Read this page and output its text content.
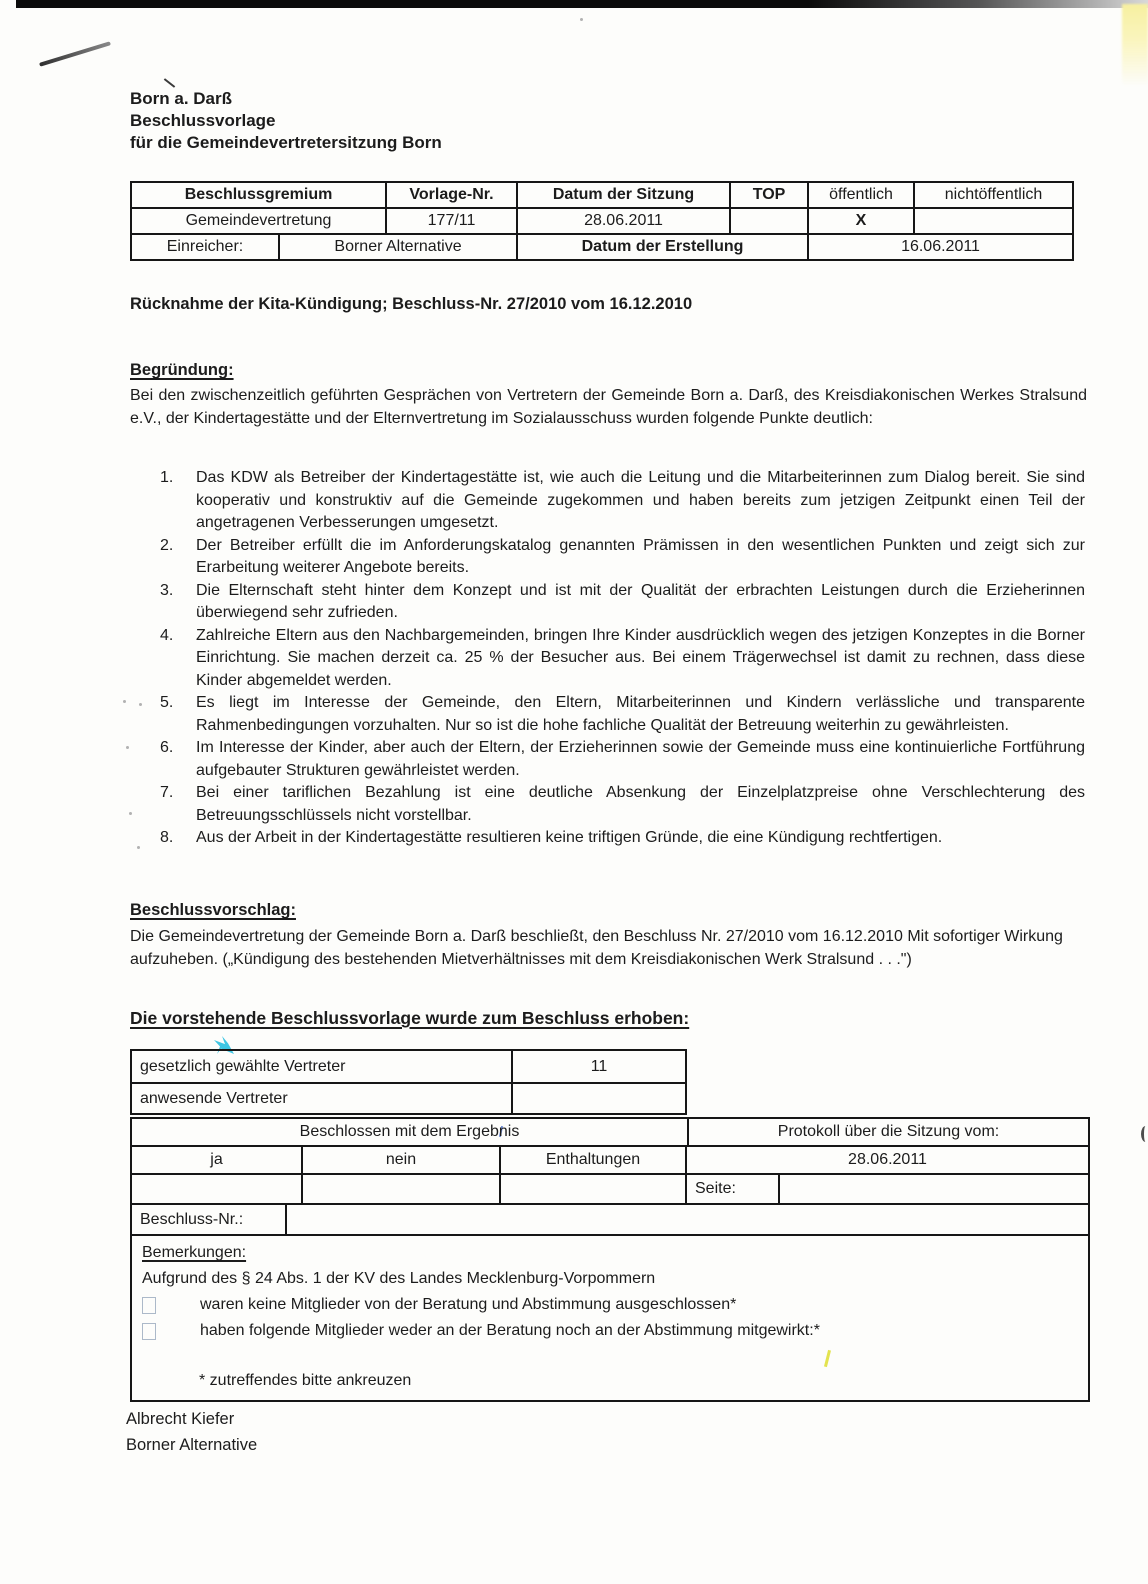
Born a. Darß
Beschlussvorlage
für die Gemeindevertretersitzung Born
Beschlussgremium		Vorlage-Nr.	Datum der Sitzung	TOP	öffentlich	nichtöffentlich
Gemeindevertretung		177/11	28.06.2011		X	
Einreicher:	Borner Alternative		Datum der Erstellung		16.06.2011	
Rücknahme der Kita-Kündigung; Beschluss-Nr. 27/2010 vom 16.12.2010
Begründung:
Bei den zwischenzeitlich geführten Gesprächen von Vertretern der Gemeinde Born a. Darß, des Kreisdiakonischen Werkes Stralsund e.V., der Kindertagestätte und der Elternvertretung im Sozialausschuss wurden folgende Punkte deutlich:
1.	Das KDW als Betreiber der Kindertagestätte ist, wie auch die Leitung und die Mitarbeiterinnen zum Dialog bereit. Sie sind kooperativ und konstruktiv auf die Gemeinde zugekommen und haben bereits zum jetzigen Zeitpunkt einen Teil der angetragenen Verbesserungen umgesetzt.
2.	Der Betreiber erfüllt die im Anforderungskatalog genannten Prämissen in den wesentlichen Punkten und zeigt sich zur Erarbeitung weiterer Angebote bereits.
3.	Die Elternschaft steht hinter dem Konzept und ist mit der Qualität der erbrachten Leistungen durch die Erzieherinnen überwiegend sehr zufrieden.
4.	Zahlreiche Eltern aus den Nachbargemeinden, bringen Ihre Kinder ausdrücklich wegen des jetzigen Konzeptes in die Borner Einrichtung. Sie machen derzeit ca. 25 % der Besucher aus. Bei einem Trägerwechsel ist damit zu rechnen, dass diese Kinder abgemeldet werden.
5.	Es liegt im Interesse der Gemeinde, den Eltern, Mitarbeiterinnen und Kindern verlässliche und transparente Rahmenbedingungen vorzuhalten. Nur so ist die hohe fachliche Qualität der Betreuung weiterhin zu gewährleisten.
6.	Im Interesse der Kinder, aber auch der Eltern, der Erzieherinnen sowie der Gemeinde muss eine kontinuierliche Fortführung aufgebauter Strukturen gewährleistet werden.
7.	Bei einer tariflichen Bezahlung ist eine deutliche Absenkung der Einzelplatzpreise ohne Verschlechterung des Betreuungsschlüssels nicht vorstellbar.
8.	Aus der Arbeit in der Kindertagestätte resultieren keine triftigen Gründe, die eine Kündigung rechtfertigen.
Beschlussvorschlag:
Die Gemeindevertretung der Gemeinde Born a. Darß beschließt, den Beschluss Nr. 27/2010 vom 16.12.2010 Mit sofortiger Wirkung aufzuheben. („Kündigung des bestehenden Mietverhältnisses mit dem Kreisdiakonischen Werk Stralsund . . .")
Die vorstehende Beschlussvorlage wurde zum Beschluss erhoben:
gesetzlich gewählte Vertreter	11
anwesende Vertreter
Beschlossen mit dem Ergebnis	Protokoll über die Sitzung vom:
ja	nein	Enthaltungen	28.06.2011
Seite:
Beschluss-Nr.:
Bemerkungen:
Aufgrund des § 24 Abs. 1 der KV des Landes Mecklenburg-Vorpommern
waren keine Mitglieder von der Beratung und Abstimmung ausgeschlossen*
haben folgende Mitglieder weder an der Beratung noch an der Abstimmung mitgewirkt:*
* zutreffendes bitte ankreuzen
Albrecht Kiefer
Borner Alternative
